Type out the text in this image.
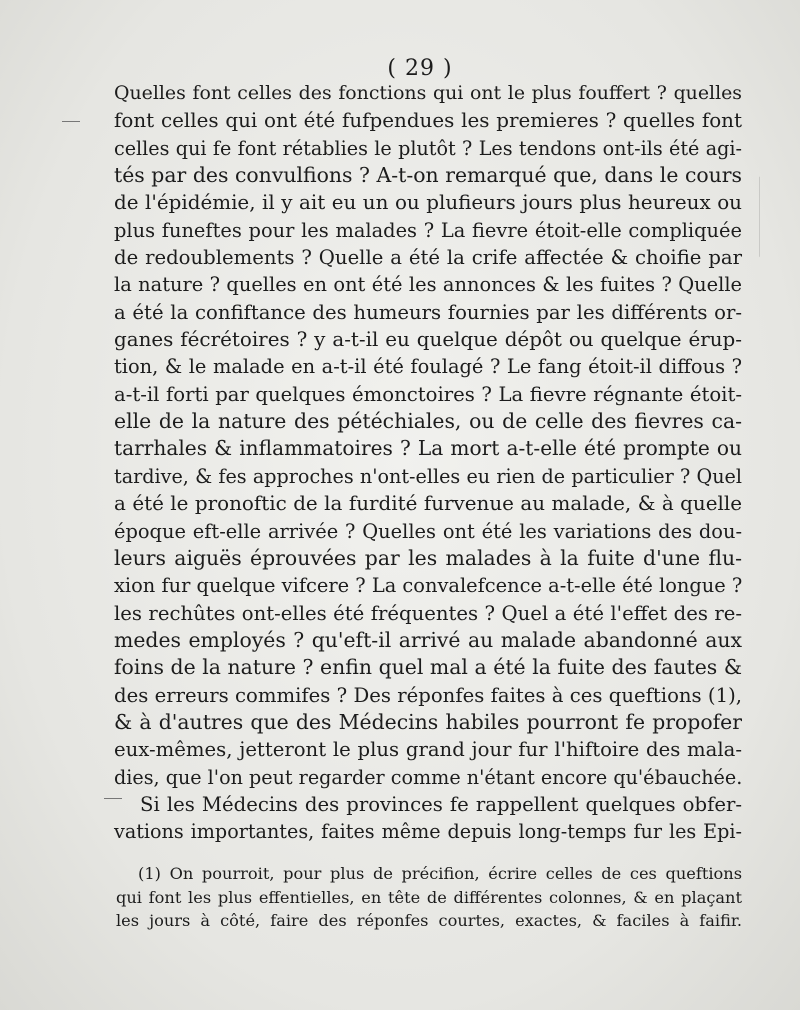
( 29 )
Quelles font celles des fonctions qui ont le plus fouffert ? quelles
font celles qui ont été fufpendues les premieres ? quelles font
celles qui fe font rétablies le plutôt ? Les tendons ont-ils été agi-
tés par des convulfions ? A-t-on remarqué que, dans le cours
de l'épidémie, il y ait eu un ou plufieurs jours plus heureux ou
plus funeftes pour les malades ? La fievre étoit-elle compliquée
de redoublements ? Quelle a été la crife affectée & choifie par
la nature ? quelles en ont été les annonces & les fuites ? Quelle
a été la confiftance des humeurs fournies par les différents or-
ganes fécrétoires ? y a-t-il eu quelque dépôt ou quelque érup-
tion, & le malade en a-t-il été foulagé ? Le fang étoit-il diffous ?
a-t-il forti par quelques émonctoires ? La fievre régnante étoit-
elle de la nature des pétéchiales, ou de celle des fievres ca-
tarrhales & inflammatoires ? La mort a-t-elle été prompte ou
tardive, & fes approches n'ont-elles eu rien de particulier ? Quel
a été le pronoftic de la furdité furvenue au malade, & à quelle
époque eft-elle arrivée ? Quelles ont été les variations des dou-
leurs aiguës éprouvées par les malades à la fuite d'une flu-
xion fur quelque vifcere ? La convalefcence a-t-elle été longue ?
les rechûtes ont-elles été fréquentes ? Quel a été l'effet des re-
medes employés ? qu'eft-il arrivé au malade abandonné aux
foins de la nature ? enfin quel mal a été la fuite des fautes &
des erreurs commifes ? Des réponfes faites à ces queftions (1),
& à d'autres que des Médecins habiles pourront fe propofer
eux-mêmes, jetteront le plus grand jour fur l'hiftoire des mala-
dies, que l'on peut regarder comme n'étant encore qu'ébauchée.
Si les Médecins des provinces fe rappellent quelques obfer-
vations importantes, faites même depuis long-temps fur les Epi-
(1) On pourroit, pour plus de précifion, écrire celles de ces queftions
qui font les plus effentielles, en tête de différentes colonnes, & en plaçant
les jours à côté, faire des réponfes courtes, exactes, & faciles à faifir.
